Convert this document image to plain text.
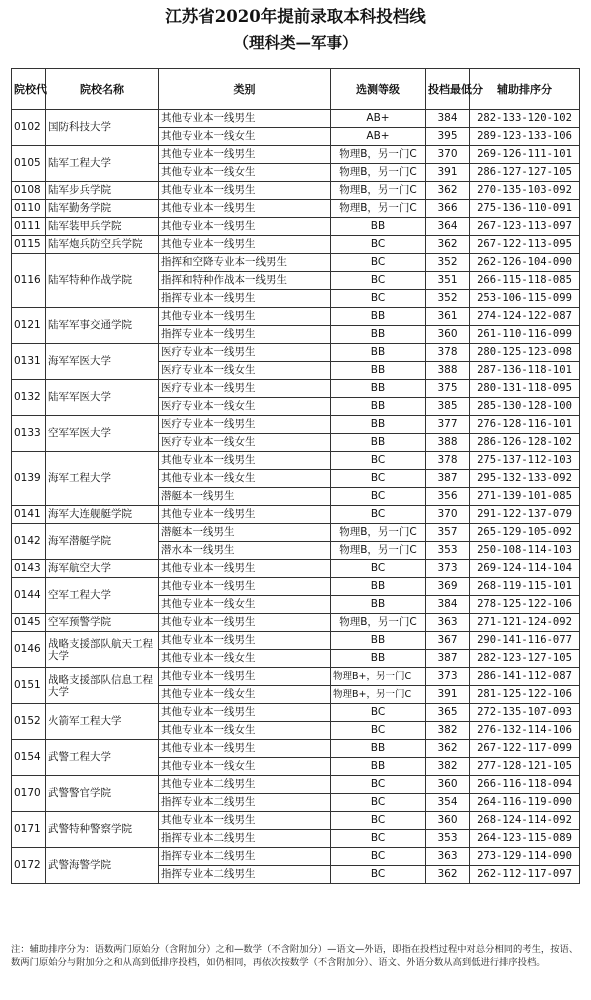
江苏省2020年提前录取本科投档线
（理科类—军事）
院校代	院校名称	类别	选测等级	投档最低分	辅助排序分
0102	国防科技大学	其他专业本一线男生	AB+	384	282-133-120-102
		其他专业本一线女生	AB+	395	289-123-133-106
0105	陆军工程大学	其他专业本一线男生	物理B，另一门C	370	269-126-111-101
		其他专业本一线女生	物理B，另一门C	391	286-127-127-105
0108	陆军步兵学院	其他专业本一线男生	物理B，另一门C	362	270-135-103-092
0110	陆军勤务学院	其他专业本一线男生	物理B，另一门C	366	275-136-110-091
0111	陆军装甲兵学院	其他专业本一线男生	BB	364	267-123-113-097
0115	陆军炮兵防空兵学院	其他专业本一线男生	BC	362	267-122-113-095
0116	陆军特种作战学院	指挥和空降专业本一线男生	BC	352	262-126-104-090
		指挥和特种作战本一线男生	BC	351	266-115-118-085
		指挥专业本一线男生	BC	352	253-106-115-099
0121	陆军军事交通学院	其他专业本一线男生	BB	361	274-124-122-087
		指挥专业本一线男生	BB	360	261-110-116-099
0131	海军军医大学	医疗专业本一线男生	BB	378	280-125-123-098
		医疗专业本一线女生	BB	388	287-136-118-101
0132	陆军军医大学	医疗专业本一线男生	BB	375	280-131-118-095
		医疗专业本一线女生	BB	385	285-130-128-100
0133	空军军医大学	医疗专业本一线男生	BB	377	276-128-116-101
		医疗专业本一线女生	BB	388	286-126-128-102
0139	海军工程大学	其他专业本一线男生	BC	378	275-137-112-103
		其他专业本一线女生	BC	387	295-132-133-092
		潜艇本一线男生	BC	356	271-139-101-085
0141	海军大连舰艇学院	其他专业本一线男生	BC	370	291-122-137-079
0142	海军潜艇学院	潜艇本一线男生	物理B，另一门C	357	265-129-105-092
		潜水本一线男生	物理B，另一门C	353	250-108-114-103
0143	海军航空大学	其他专业本一线男生	BC	373	269-124-114-104
0144	空军工程大学	其他专业本一线男生	BB	369	268-119-115-101
		其他专业本一线女生	BB	384	278-125-122-106
0145	空军预警学院	其他专业本一线男生	物理B，另一门C	363	271-121-124-092
0146	战略支援部队航天工程大学	其他专业本一线男生	BB	367	290-141-116-077
		其他专业本一线女生	BB	387	282-123-127-105
0151	战略支援部队信息工程大学	其他专业本一线男生	物理B+，另一门C	373	286-141-112-087
		其他专业本一线女生	物理B+，另一门C	391	281-125-122-106
0152	火箭军工程大学	其他专业本一线男生	BC	365	272-135-107-093
		其他专业本一线女生	BC	382	276-132-114-106
0154	武警工程大学	其他专业本一线男生	BB	362	267-122-117-099
		其他专业本一线女生	BB	382	277-128-121-105
0170	武警警官学院	其他专业本二线男生	BC	360	266-116-118-094
		指挥专业本二线男生	BC	354	264-116-119-090
0171	武警特种警察学院	其他专业本一线男生	BC	360	268-124-114-092
		指挥专业本二线男生	BC	353	264-123-115-089
0172	武警海警学院	指挥专业本二线男生	BC	363	273-129-114-090
		指挥专业本二线男生	BC	362	262-112-117-097
注：辅助排序分为：语数两门原始分（含附加分）之和—数学（不含附加分）—语文—外语，即指在投档过程中对总分相同的考生，按语、数两门原始分与附加分之和从高到低排序投档，如仍相同，再依次按数学（不含附加分）、语文、外语分数从高到低进行排序投档。
